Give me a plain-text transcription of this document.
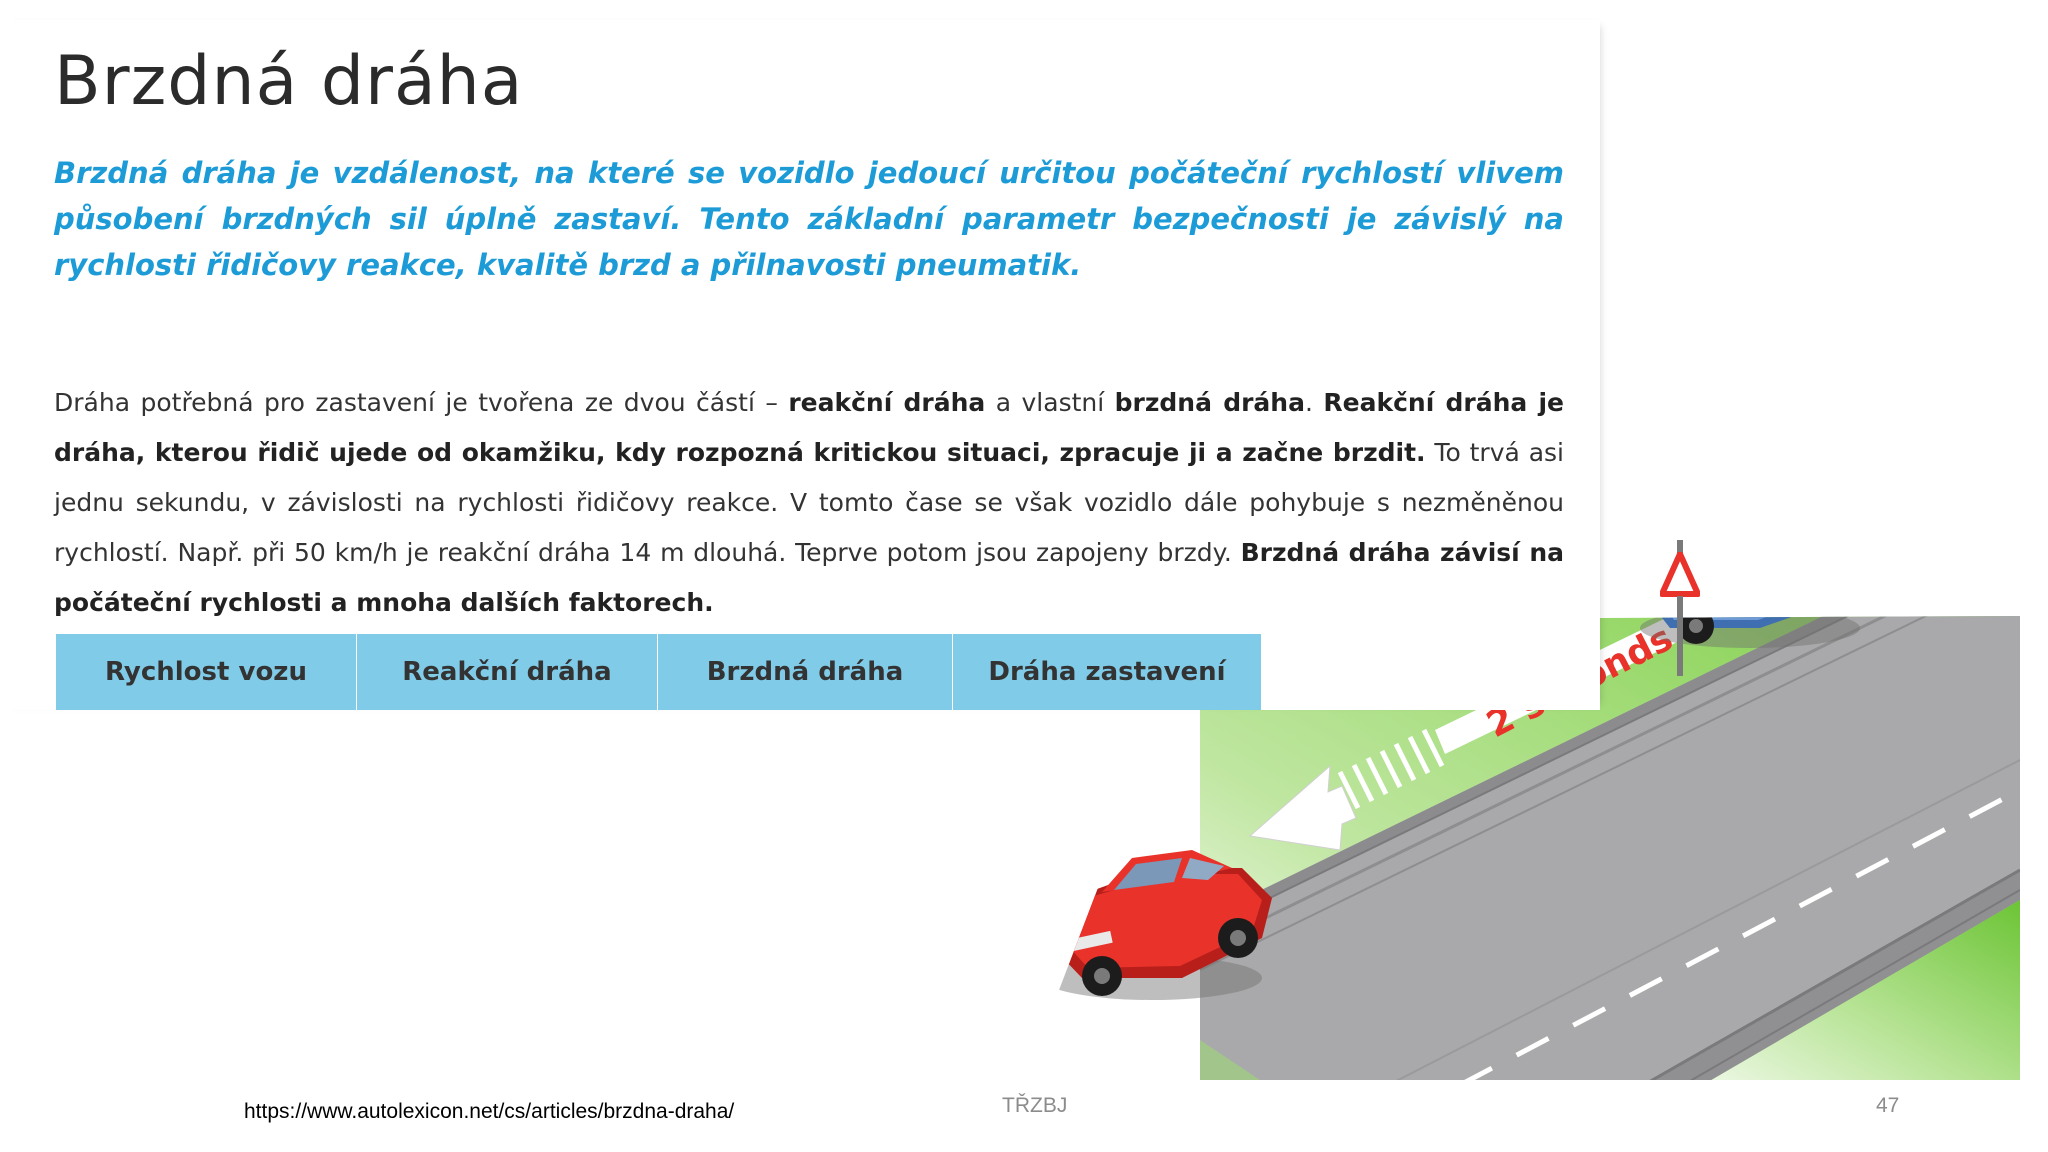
2
Brzdná dráha

Brzdná dráha je vzdálenost, na které se vozidlo jedoucí určitou počáteční rychlostí vlivem působení brzdných sil úplně zastaví. Tento základní parametr bezpečnosti je závislý na rychlosti řidičovy reakce, kvalitě brzd a přilnavosti pneumatik.

Dráha potřebná pro zastavení je tvořena ze dvou částí – reakční dráha a vlastní brzdná dráha. Reakční dráha je dráha, kterou řidič ujede od okamžiku, kdy rozpozná kritickou situaci, zpracuje ji a začne brzdit. To trvá asi jednu sekundu, v závislosti na rychlosti řidičovy reakce. V tomto čase se však vozidlo dále pohybuje s nezměněnou rychlostí. Např. při 50 km/h je reakční dráha 14 m dlouhá. Teprve potom jsou zapojeny brzdy. Brzdná dráha závisí na počáteční rychlosti a mnoha dalších faktorech.

Rychlost vozu	Reakční dráha	Brzdná dráha	Dráha zastavení
https://www.autolexicon.net/cs/articles/brzdna-draha/	TŘZBJ	47
